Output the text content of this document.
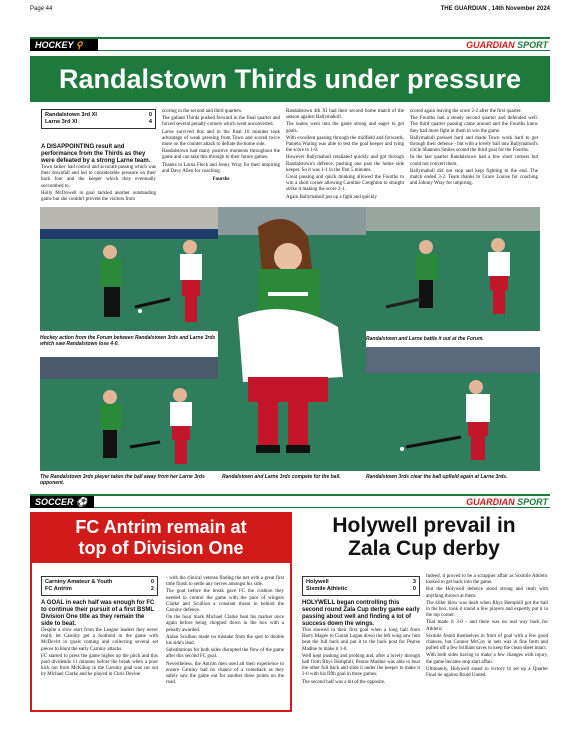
Page 44	THE GUARDIAN , 14th November 2024
HOCKEY ⚲	GUARDIAN SPORT
Randalstown Thirds under pressure
Randalstown 3rd XI	0
Larne 3rd XI	4
A DISAPPOINTING result and performance from the Thirds as they were defeated by a strong Larne team.

Town ladies' had control and accurate passing which was their downfall and led to considerable pressure on their back four and the keeper which they eventually succumbed to.

Holly McDowell in goal tackled another outstanding game but she couldn't prevent the visitors from

scoring in the second and third quarters.

The gallant Thirds pushed forward in the final quarter and forced several penalty corners which went unconverted.

Larne survived this and in the final 10 minutes took advantage of weak pressing from Town and scored twice more on the counter attack to deflate the home side.

Randalstown had many positive moments throughout the game and can take this through to their future games.

Thanks to Lorna Fleck and Jenny Wray for their umpiring and Davy Allen for coaching.

Fourths

Randalstown 4th XI had their second home match of the season against Ballymaholl.

The teams went into the game strong and eager to get goals.

With excellent passing through the midfield and forwards, Pamela Waring was able to test the goal keeper and tying the score to 1-0.

However Ballymaholl retaliated quickly and got through Randalstown's defence, pushing one past the home side keeper. So it was 1-1 in the first 5 minutes.

Great passing and quick thinking allowed the Fourths to win a short corner allowing Caroline Creighton to straight strike it making the score 2-1.

Again Ballymaholl put up a fight and quickly

scored again leaving the score 2-2 after the first quarter.

The Fourths had a steady second quarter and defended well. The third quarter passing came around and the Fourths knew they had more fight in them to win the game.

Ballymaholl pressed hard and made Town work hard to get through their defence - but with a lovely ball into Ballymaholl's circle Shannon Smiles scored the third goal for the Fourths.

In the last quarter Randalstown had a few short corners but could not convert them.

Ballymaholl did not stop and kept fighting to the end. The match ended 3-2. Team thanks to Grace Louise for coaching and Johnny Wray for umpiring.

Hockey action from the Forum between Randalstown 3rds and Larne 3rds which saw Randalstown lose 4-0.
Randalstown and Larne battle it out at the Forum.
The Randalstown 3rds player takes the ball away from her Larne 3rds opponent.
Randalstown and Larne 3rds compete for the ball.	Randalstown 3rds clear the ball upfield again at Larne 3rds.
SOCCER ⚽	GUARDIAN SPORT
FC Antrim remain at
top of Division One
Carniny Amateur & Youth	0
FC Antrim	2
A GOAL in each half was enough for FC to continue their pursuit of a first BSML Division One title as they remain the side to beat.

Despite a slow start from the League leaders they never really let Carniny get a foothold in the game with McDevitt in goals coming and collecting several set pieces to blunt the early Carniny attacks.

FC started to press the game higher up the pitch and this paid dividends 11 minutes before the break when a poor kick out from McKillop in the Carniny goal was cut out by Michael Clarke and he played in Chris Devine

- with the clinical veteran finding the net with a great first time finish to settle any nerves amongst his side.

The goal before the break gave FC the cushion they needed to control the game with the pace of wingers Clarke and Scullion a constant threat in behind the Carniny defence.

On the hour mark Michael Clarke beat his marker once again before being chopped down in the box with a penalty awarded.

Aidan Scullion made no mistake from the spot to double his side's lead.

Substitutions for both sides disrupted the flow of the game after this second FC goal.

Nevertheless, the Antrim men used all their experience to ensure Carniny had no chance of a comeback as they safely saw the game out for another three points on the road.

Holywell prevail in
Zala Cup derby
Holywell	3
Sixmile Athletic	0
HOLYWELL began controlling this second round Zala Cup derby game early passing about well and finding a lot of success down the wings.

This showed in their first goal when a long ball from Barry Magee to Ciaran Logan down the left wing saw him beat the full back and put it to the back post for Pearse Madine to make it 1-0.

Well kept pushing and probing and, after a lovely through ball from Rhys Hemphill, Pearse Madine was able to beat the other full back and slide it under the keeper to make it 2-0 with his fifth goal in three games.

The second half was a bit of the opposite.

Indeed, it proved to be a scrappier affair as Sixmile Athletic looked to get back into the game.

But the Holywell defence stood strong and dealt with anything thrown at them.

The killer blow was dealt when Rhys Hemphill got the ball in the box, took it round a few players and expertly put it in the top corner.

That made it 3-0 - and there was no real way back for Athletic.

Sixmile found themselves in front of goal with a few good chances, but Connor McCoy in nets was in fine form and pulled off a few brilliant saves to keep the clean sheet intact.

With both sides having to make a few changes with injury, the game became stop start affair.

Ultimately, Holywell eased to victory to set up a Quarter Final tie against Bruid United.
